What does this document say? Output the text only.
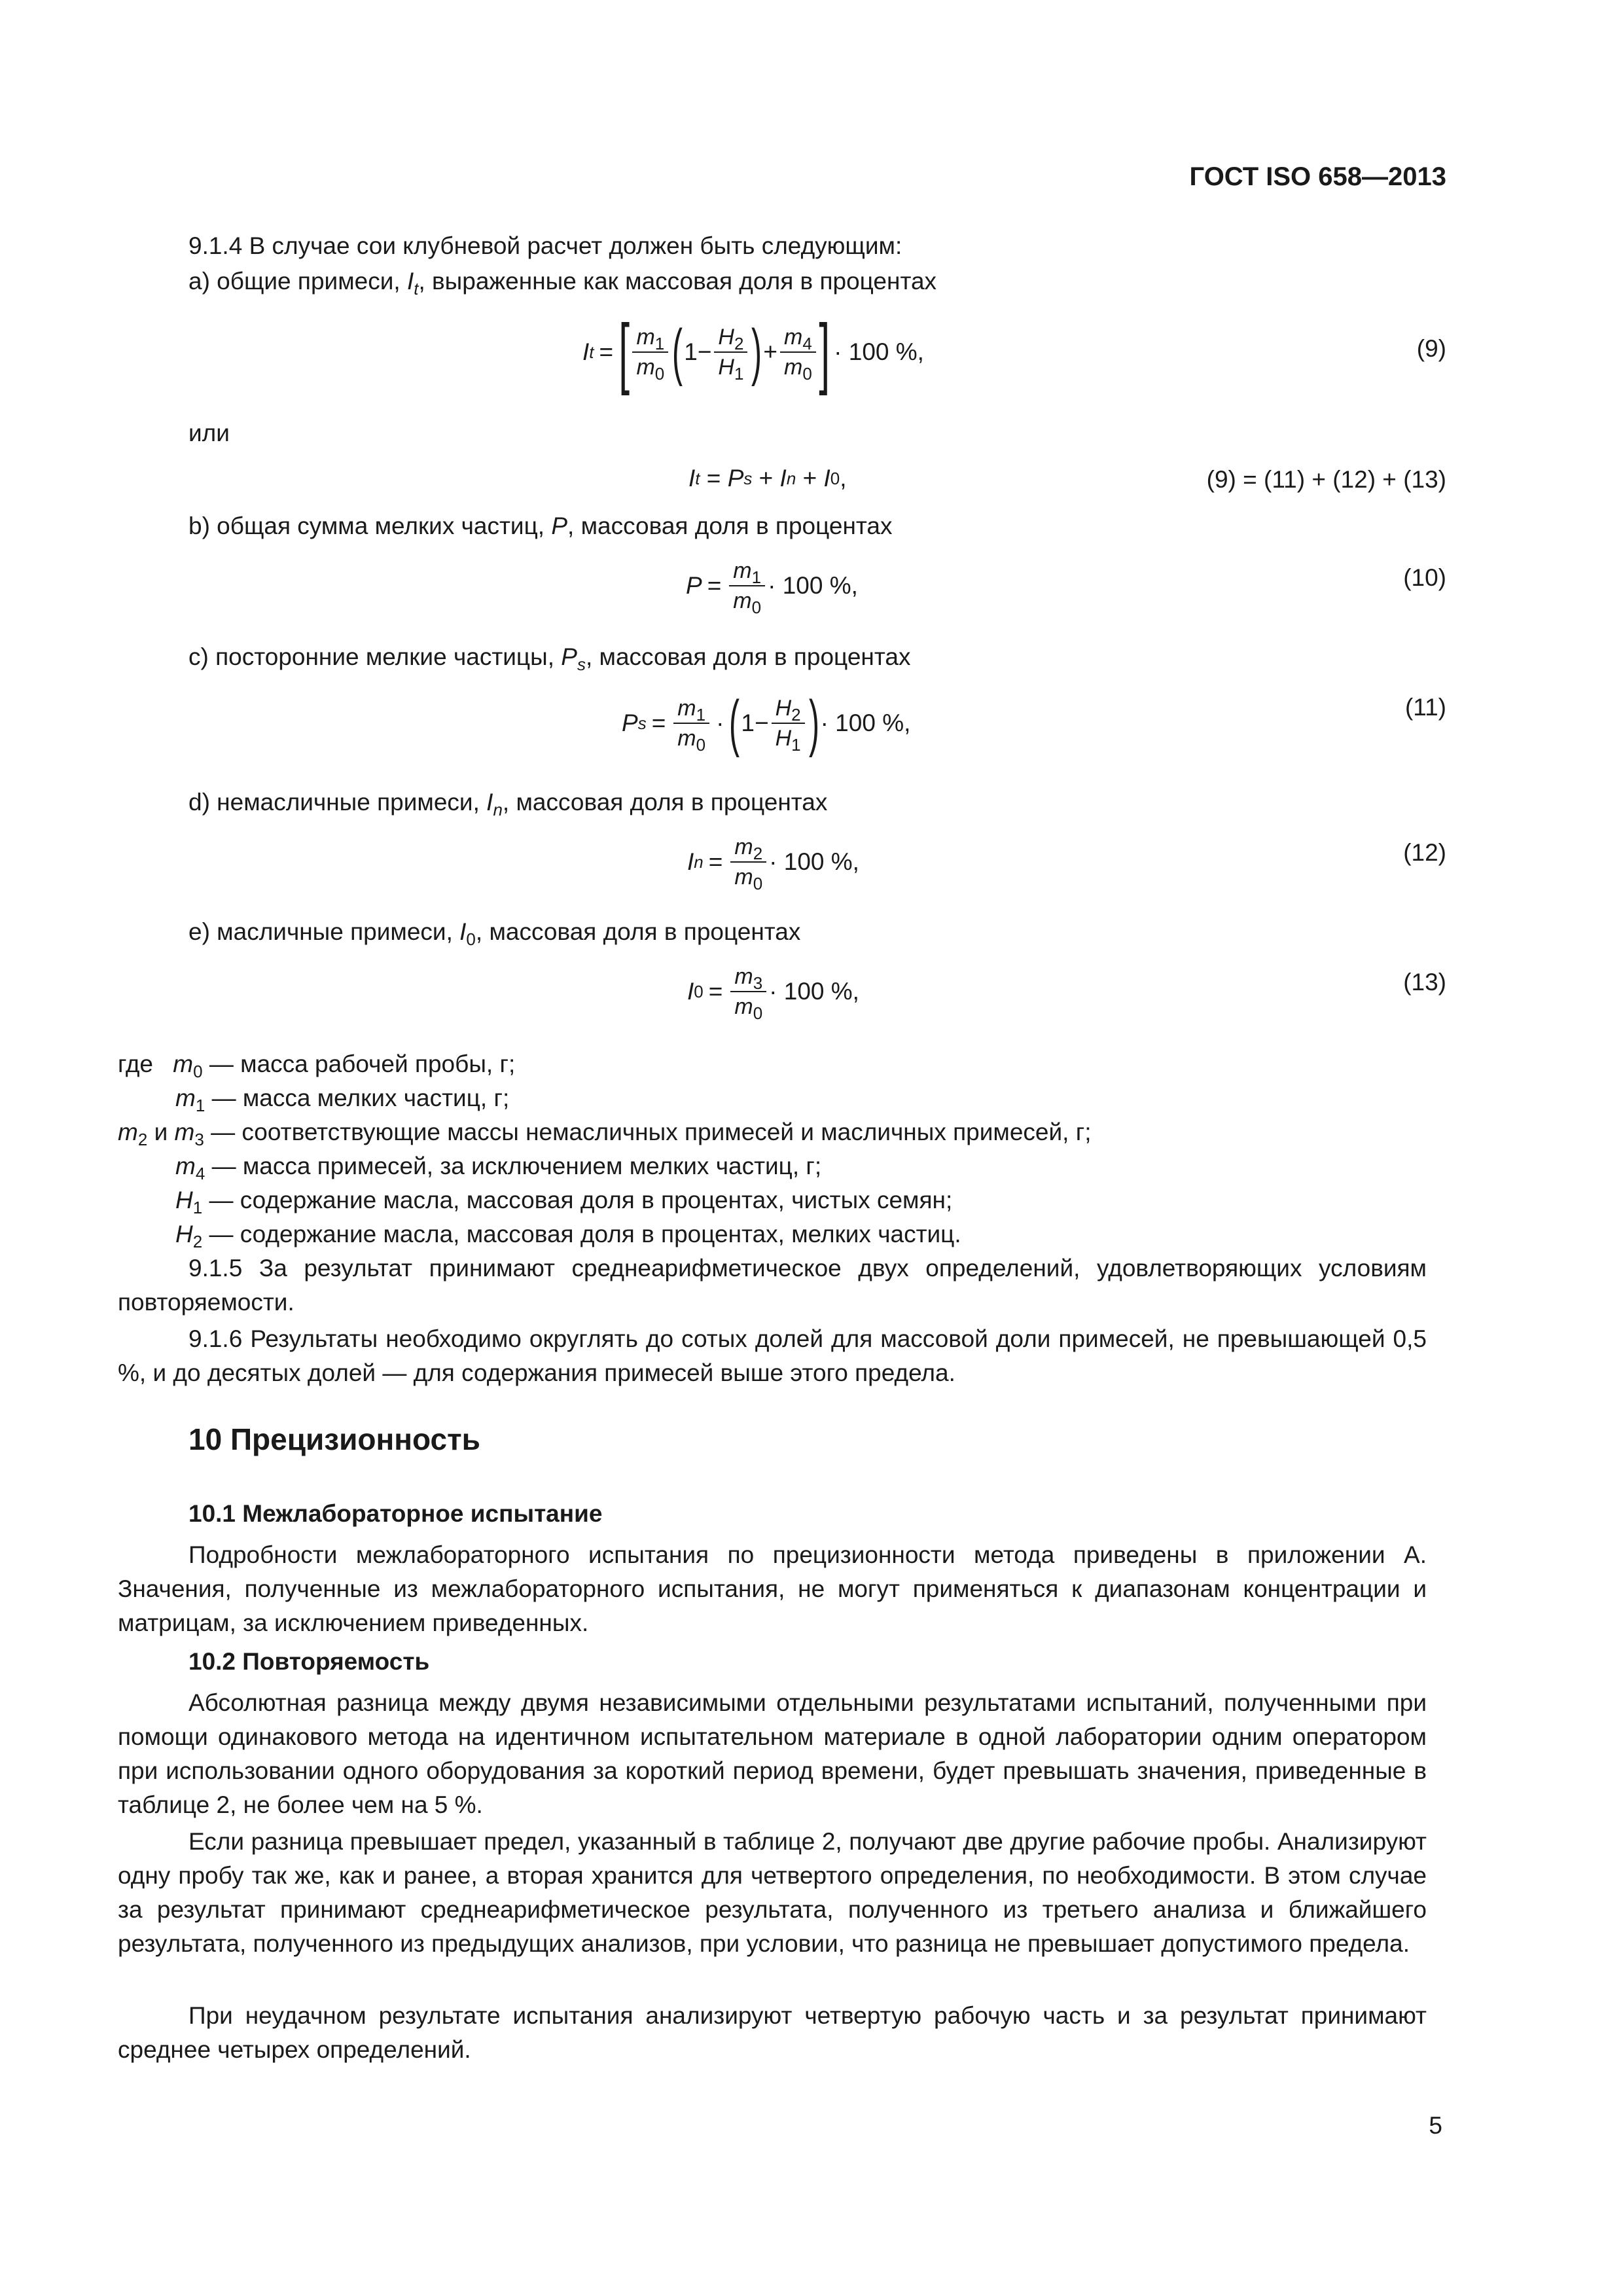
ГОСТ ISO 658—2013
9.1.4 В случае сои клубневой расчет должен быть следующим:
a) общие примеси, $I_t$, выраженные как массовая доля в процентах
I t = [ $\frac{m_1}{m_0}$ ( $1- \frac{H_2}{H_1}$ ) + $\frac{m_4}{m_0}$ ] · 100 %,	(9)
или
I t = P s + I n + I 0 ,	(9) = (11) + (12) + (13)
b) общая сумма мелких частиц, P, массовая доля в процентах
$P = \frac{m_1}{m_0} \cdot 100$ %,	(10)
c) посторонние мелкие частицы, $P_s$, массовая доля в процентах
P $s = \frac{m_1}{m_0}$ · ( $1- \frac{H_2}{H_1}$ ) · 100 %,
(11)
d) немасличные примеси, $I_n$, массовая доля в процентах
I $n = \frac{m_2}{m_0} \cdot 100$ %,	(12)
e) масличные примеси, $I_0$, массовая доля в процентах
I $0 = \frac{m_3}{m_0} \cdot 100$ %,	(13)
где $m_0$ — масса рабочей пробы, г;
$m_1$ — масса мелких частиц, г;
$m_2$ и $m_3$ — соответствующие массы немасличных примесей и масличных примесей, г;
$m_4$ — масса примесей, за исключением мелких частиц, г;
$H_1$ — содержание масла, массовая доля в процентах, чистых семян;
$H_2$ — содержание масла, массовая доля в процентах, мелких частиц.
9.1.5 За результат принимают среднеарифметическое двух определений, удовлетворяющих условиям повторяемости.
9.1.6 Результаты необходимо округлять до сотых долей для массовой доли примесей, не превышающей 0,5 %, и до десятых долей — для содержания примесей выше этого предела.
10 Прецизионность
10.1 Межлабораторное испытание
Подробности межлабораторного испытания по прецизионности метода приведены в приложении А. Значения, полученные из межлабораторного испытания, не могут применяться к диапазонам концентрации и матрицам, за исключением приведенных.
10.2 Повторяемость
Абсолютная разница между двумя независимыми отдельными результатами испытаний, полученными при помощи одинакового метода на идентичном испытательном материале в одной лаборатории одним оператором при использовании одного оборудования за короткий период времени, будет превышать значения, приведенные в таблице 2, не более чем на 5 %.
Если разница превышает предел, указанный в таблице 2, получают две другие рабочие пробы. Анализируют одну пробу так же, как и ранее, а вторая хранится для четвертого определения, по необходимости. В этом случае за результат принимают среднеарифметическое результата, полученного из третьего анализа и ближайшего результата, полученного из предыдущих анализов, при условии, что разница не превышает допустимого предела.
При неудачном результате испытания анализируют четвертую рабочую часть и за результат принимают среднее четырех определений.
5
